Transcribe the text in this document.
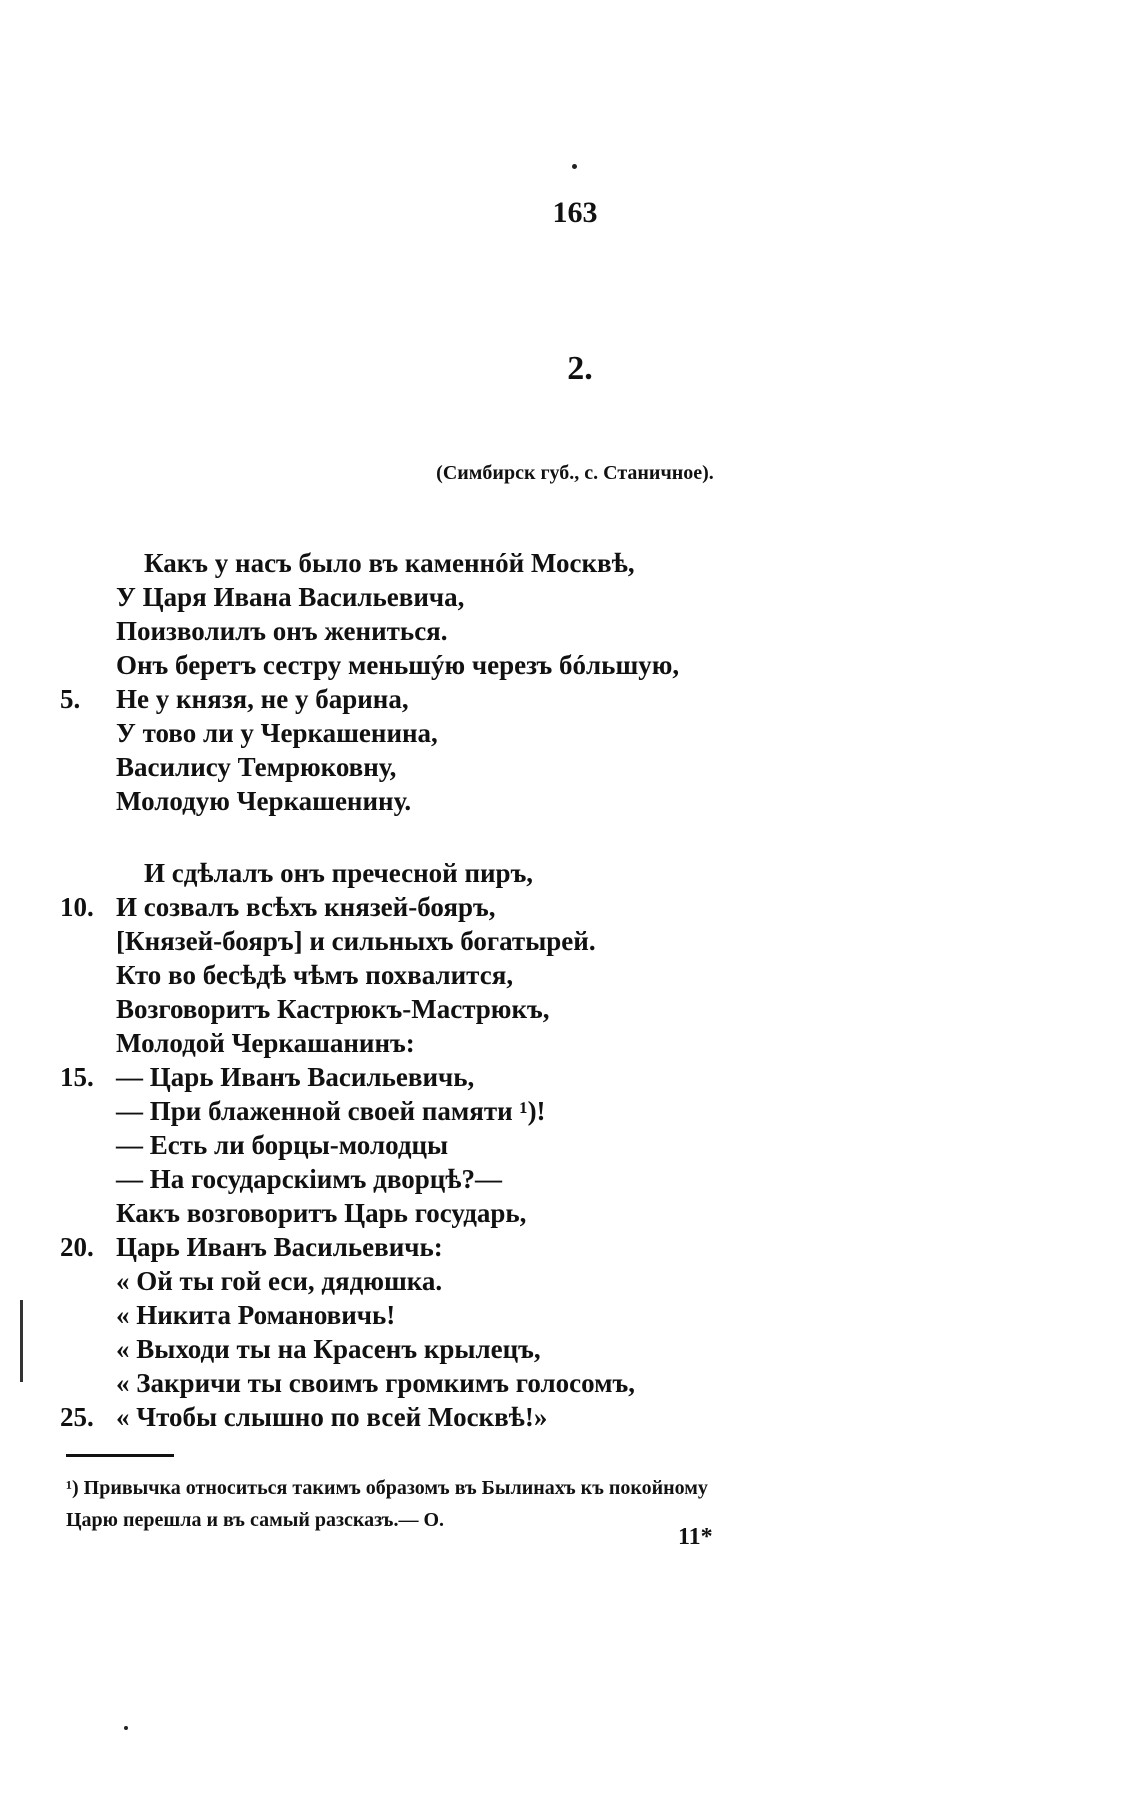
163
2.
(Симбирск губ., с. Станичное).
Какъ у насъ было въ каменнóй Москвѣ,
У Царя Ивана Васильевича,
Поизволилъ онъ жениться.
Онъ беретъ сестру меньшýю черезъ бóльшую,
5.	Не у князя, не у барина,
У тово ли у Черкашенина,
Василису Темрюковну,
Молодую Черкашенину.
И сдѣлалъ онъ пречесной пиръ,
10. И созвалъ всѣхъ князей-бояръ,
[Князей-бояръ] и сильныхъ богатырей.
Кто во бесѣдѣ чѣмъ похвалится,
Возговоритъ Кастрюкъ-Мастрюкъ,
Молодой Черкашанинъ:
15. — Царь Иванъ Васильевичь,
— При блаженной своей памяти ¹)!
— Есть ли борцы-молодцы
— На государскіимъ дворцѣ?—
Какъ возговоритъ Царь государь,
20. Царь Иванъ Васильевичь:
« Ой ты гой еси, дядюшка.
« Никита Романовичь!
« Выходи ты на Красенъ крылецъ,
« Закричи ты своимъ громкимъ голосомъ,
25. « Чтобы слышно по всей Москвѣ!»
¹) Привычка относиться такимъ образомъ въ Былинахъ къ покойному
Царю перешла и въ самый разсказъ.— О.
11*
